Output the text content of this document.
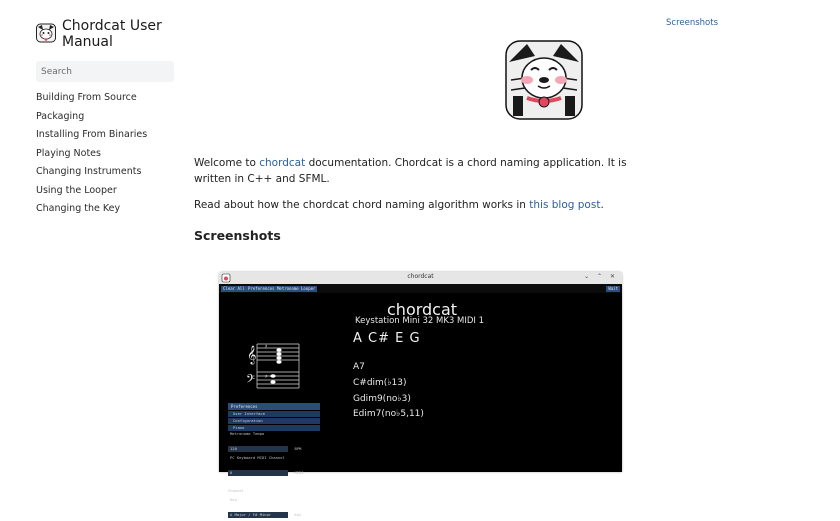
Chordcat User Manual
Search
Building From Source
Packaging
Installing From Binaries
Playing Notes
Changing Instruments
Using the Looper
Changing the Key
Screenshots

Welcome to chordcat documentation. Chordcat is a chord naming application. It is written in C++ and SFML.

Read about how the chordcat chord naming algorithm works in this blog post.

Screenshots
chordcat	⌄ ⌃ ✕
Clear All Preferences Metronome Looper	Wait
chordcat
Keystation Mini 32 MK3 MIDI 1
A C# E G
A7
C#dim(♭13)
Gdim9(no♭3)
Edim7(no♭5,11)
𝄞
𝄢
♯
♯
Preferences
User Interface
Configuration
Piano
Metronome Tempo
120	BPM
PC Keyboard MIDI Channel
0	MIDI Channel
Key
A Major / F# Minor	Key
